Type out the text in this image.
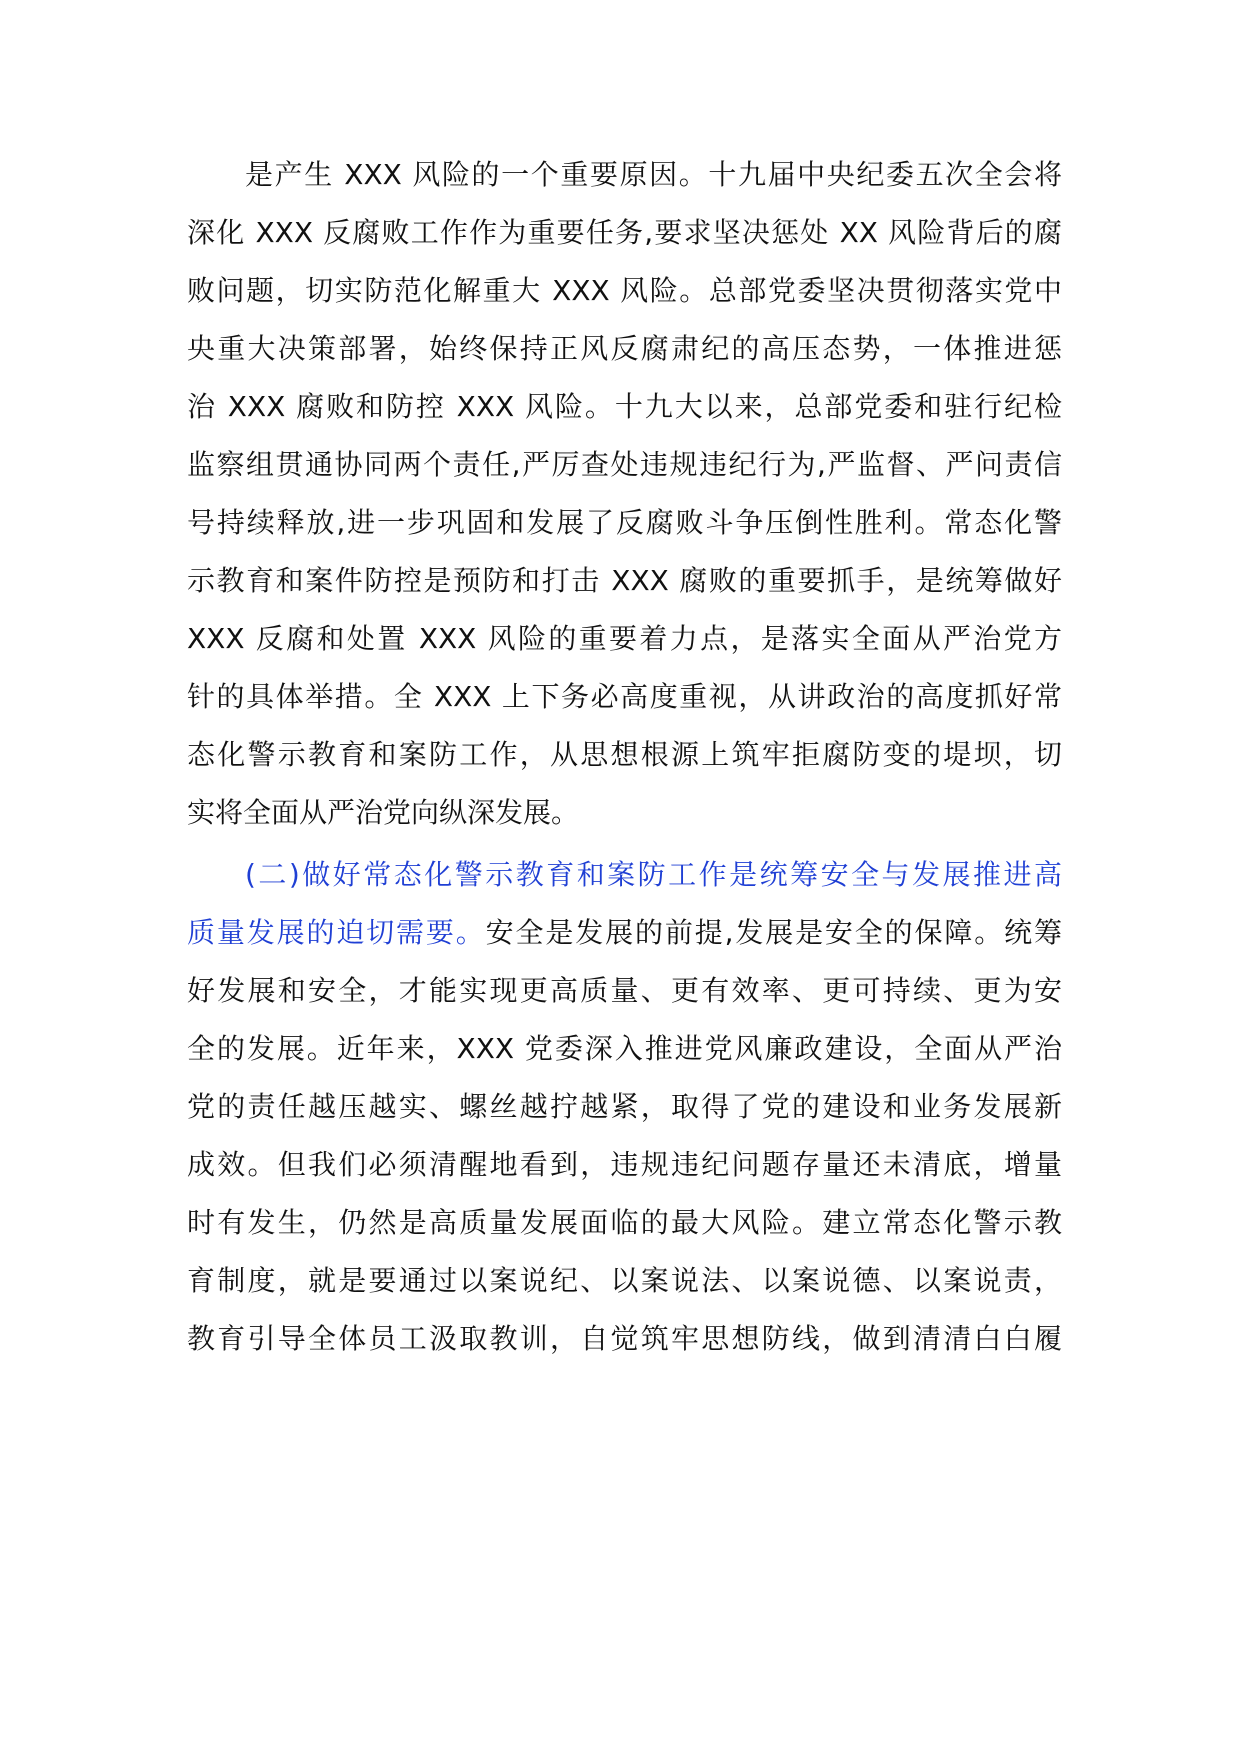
是产生 XXX 风险的一个重要原因。十九届中央纪委五次全会将
深化 XXX 反腐败工作作为重要任务,要求坚决惩处 XX 风险背后的腐
败问题，切实防范化解重大 XXX 风险。总部党委坚决贯彻落实党中
央重大决策部署，始终保持正风反腐肃纪的高压态势，一体推进惩
治 XXX 腐败和防控 XXX 风险。十九大以来，总部党委和驻行纪检
监察组贯通协同两个责任,严厉查处违规违纪行为,严监督、严问责信
号持续释放,进一步巩固和发展了反腐败斗争压倒性胜利。常态化警
示教育和案件防控是预防和打击 XXX 腐败的重要抓手，是统筹做好
XXX 反腐和处置 XXX 风险的重要着力点，是落实全面从严治党方
针的具体举措。全 XXX 上下务必高度重视，从讲政治的高度抓好常
态化警示教育和案防工作，从思想根源上筑牢拒腐防变的堤坝，切
实将全面从严治党向纵深发展。
(二)做好常态化警示教育和案防工作是统筹安全与发展推进高
质量发展的迫切需要。安全是发展的前提,发展是安全的保障。统筹
好发展和安全，才能实现更高质量、更有效率、更可持续、更为安
全的发展。近年来，XXX 党委深入推进党风廉政建设，全面从严治
党的责任越压越实、螺丝越拧越紧，取得了党的建设和业务发展新
成效。但我们必须清醒地看到，违规违纪问题存量还未清底，增量
时有发生，仍然是高质量发展面临的最大风险。建立常态化警示教
育制度，就是要通过以案说纪、以案说法、以案说德、以案说责，
教育引导全体员工汲取教训，自觉筑牢思想防线，做到清清白白履
